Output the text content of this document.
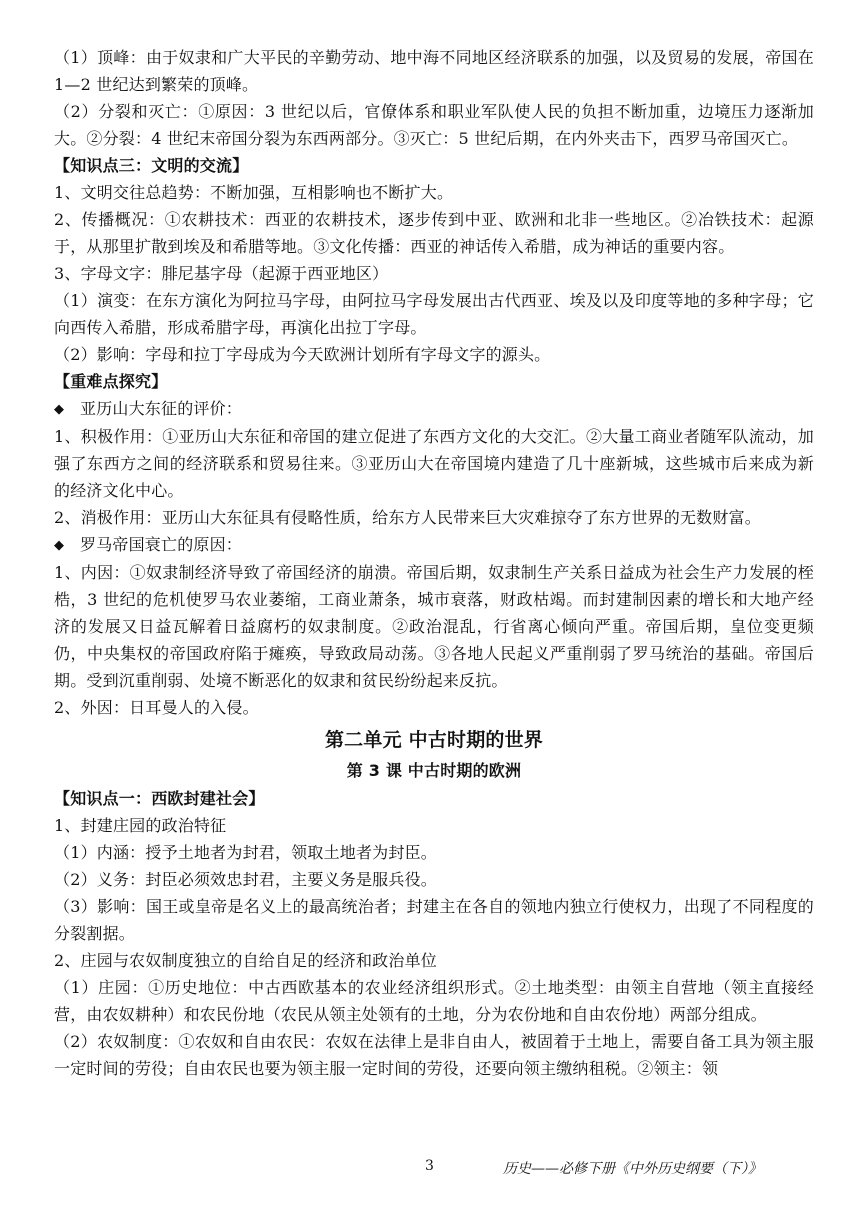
（1）顶峰：由于奴隶和广大平民的辛勤劳动、地中海不同地区经济联系的加强，以及贸易的发展，帝国在 1—2 世纪达到繁荣的顶峰。

（2）分裂和灭亡：①原因：3 世纪以后，官僚体系和职业军队使人民的负担不断加重，边境压力逐渐加大。②分裂：4 世纪末帝国分裂为东西两部分。③灭亡：5 世纪后期，在内外夹击下，西罗马帝国灭亡。

【知识点三：文明的交流】

1、文明交往总趋势：不断加强，互相影响也不断扩大。

2、传播概况：①农耕技术：西亚的农耕技术，逐步传到中亚、欧洲和北非一些地区。②冶铁技术：起源于，从那里扩散到埃及和希腊等地。③文化传播：西亚的神话传入希腊，成为神话的重要内容。

3、字母文字：腓尼基字母（起源于西亚地区）

（1）演变：在东方演化为阿拉马字母，由阿拉马字母发展出古代西亚、埃及以及印度等地的多种字母；它向西传入希腊，形成希腊字母，再演化出拉丁字母。

（2）影响：字母和拉丁字母成为今天欧洲计划所有字母文字的源头。

【重难点探究】

◆ 亚历山大东征的评价：

1、积极作用：①亚历山大东征和帝国的建立促进了东西方文化的大交汇。②大量工商业者随军队流动，加强了东西方之间的经济联系和贸易往来。③亚历山大在帝国境内建造了几十座新城，这些城市后来成为新的经济文化中心。

2、消极作用：亚历山大东征具有侵略性质，给东方人民带来巨大灾难掠夺了东方世界的无数财富。

◆ 罗马帝国衰亡的原因：

1、内因：①奴隶制经济导致了帝国经济的崩溃。帝国后期，奴隶制生产关系日益成为社会生产力发展的桎梏，3 世纪的危机使罗马农业萎缩，工商业萧条，城市衰落，财政枯竭。而封建制因素的增长和大地产经济的发展又日益瓦解着日益腐朽的奴隶制度。②政治混乱，行省离心倾向严重。帝国后期，皇位变更频仍，中央集权的帝国政府陷于瘫痪，导致政局动荡。③各地人民起义严重削弱了罗马统治的基础。帝国后期。受到沉重削弱、处境不断恶化的奴隶和贫民纷纷起来反抗。

2、外因：日耳曼人的入侵。

第二单元 中古时期的世界

第 3 课 中古时期的欧洲

【知识点一：西欧封建社会】

1、封建庄园的政治特征

（1）内涵：授予土地者为封君，领取土地者为封臣。

（2）义务：封臣必须效忠封君，主要义务是服兵役。

（3）影响：国王或皇帝是名义上的最高统治者；封建主在各自的领地内独立行使权力，出现了不同程度的分裂割据。

2、庄园与农奴制度独立的自给自足的经济和政治单位

（1）庄园：①历史地位：中古西欧基本的农业经济组织形式。②土地类型：由领主自营地（领主直接经营，由农奴耕种）和农民份地（农民从领主处领有的土地，分为农份地和自由农份地）两部分组成。

（2）农奴制度：①农奴和自由农民：农奴在法律上是非自由人，被固着于土地上，需要自备工具为领主服一定时间的劳役；自由农民也要为领主服一定时间的劳役，还要向领主缴纳租税。②领主：领

3	历史——必修下册《中外历史纲要（下）》
